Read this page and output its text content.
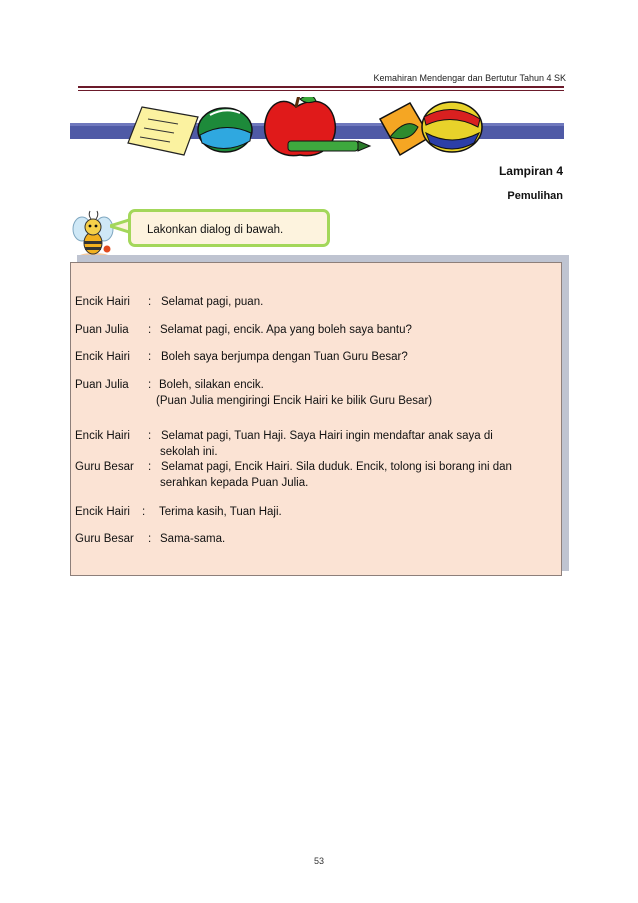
Kemahiran Mendengar dan Bertutur Tahun 4 SK
Lampiran 4
Pemulihan
Lakonkan dialog di bawah.
Encik Hairi : Selamat pagi, puan.
Puan Julia : Selamat pagi, encik. Apa yang boleh saya bantu?
Encik Hairi : Boleh saya berjumpa dengan Tuan Guru Besar?
Puan Julia : Boleh, silakan encik.
(Puan Julia mengiringi Encik Hairi ke bilik Guru Besar)
Encik Hairi : Selamat pagi, Tuan Haji. Saya Hairi ingin mendaftar anak saya di
sekolah ini.
Guru Besar : Selamat pagi, Encik Hairi. Sila duduk. Encik, tolong isi borang ini dan
serahkan kepada Puan Julia.
Encik Hairi : Terima kasih, Tuan Haji.
Guru Besar : Sama-sama.
53
